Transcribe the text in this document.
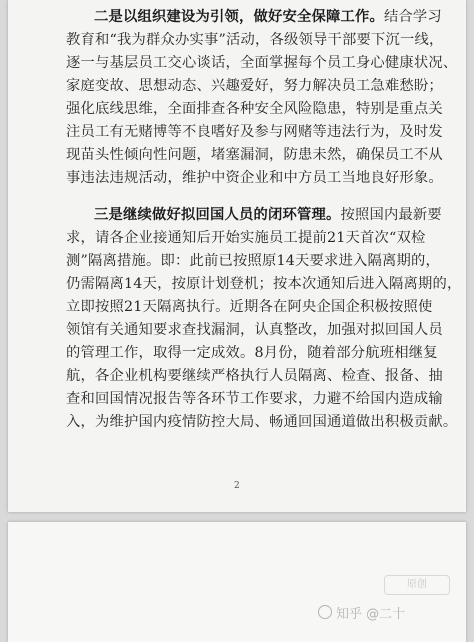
二是以组织建设为引领，做好安全保障工作。结合学习
教育和“我为群众办实事”活动，各级领导干部要下沉一线，
逐一与基层员工交心谈话，全面掌握每个员工身心健康状况、
家庭变故、思想动态、兴趣爱好，努力解决员工急难愁盼；
强化底线思维，全面排查各种安全风险隐患，特别是重点关
注员工有无赌博等不良嗜好及参与网赌等违法行为，及时发
现苗头性倾向性问题，堵塞漏洞，防患未然，确保员工不从
事违法违规活动，维护中资企业和中方员工当地良好形象。
三是继续做好拟回国人员的闭环管理。按照国内最新要
求，请各企业接通知后开始实施员工提前21天首次“双检
测”隔离措施。即：此前已按照原14天要求进入隔离期的，
仍需隔离14天，按原计划登机；按本次通知后进入隔离期的，
立即按照21天隔离执行。近期各在阿央企国企积极按照使
领馆有关通知要求查找漏洞，认真整改，加强对拟回国人员
的管理工作，取得一定成效。8月份，随着部分航班相继复
航，各企业机构要继续严格执行人员隔离、检查、报备、抽
查和回国情况报告等各环节工作要求，力避不给国内造成输
入，为维护国内疫情防控大局、畅通回国通道做出积极贡献。
2
原创
知乎 @二十
